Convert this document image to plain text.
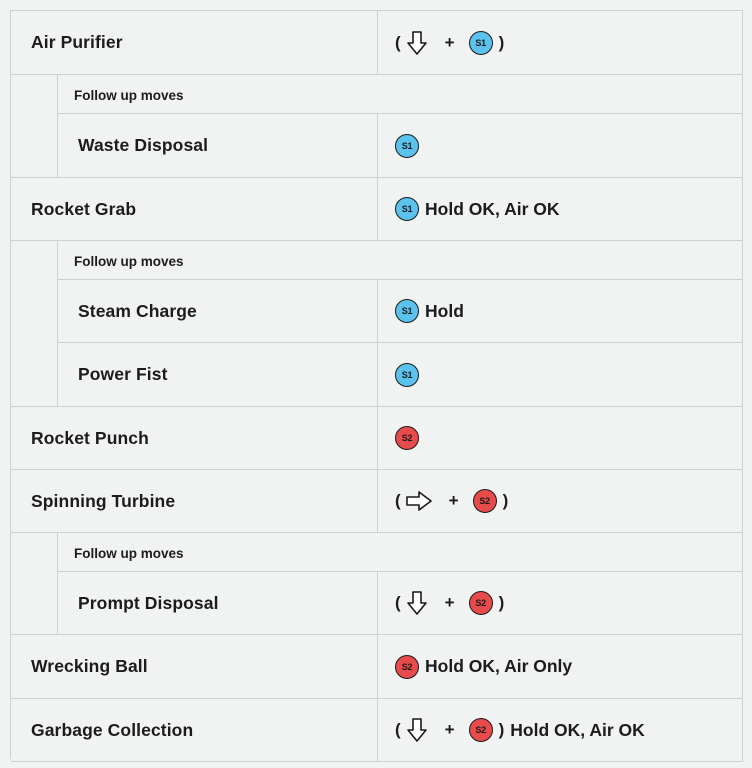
Air Purifier	(	+	S1 )
Follow up moves
Waste Disposal	S1
Rocket Grab	S1 Hold OK, Air OK
Follow up moves
Steam Charge	S1 Hold
Power Fist	S1
Rocket Punch	S2
Spinning Turbine	(	+	S2 )
Follow up moves
Prompt Disposal	(	+	S2 )
Wrecking Ball	S2 Hold OK, Air Only
Garbage Collection	(	+	S2 ) Hold OK, Air OK
